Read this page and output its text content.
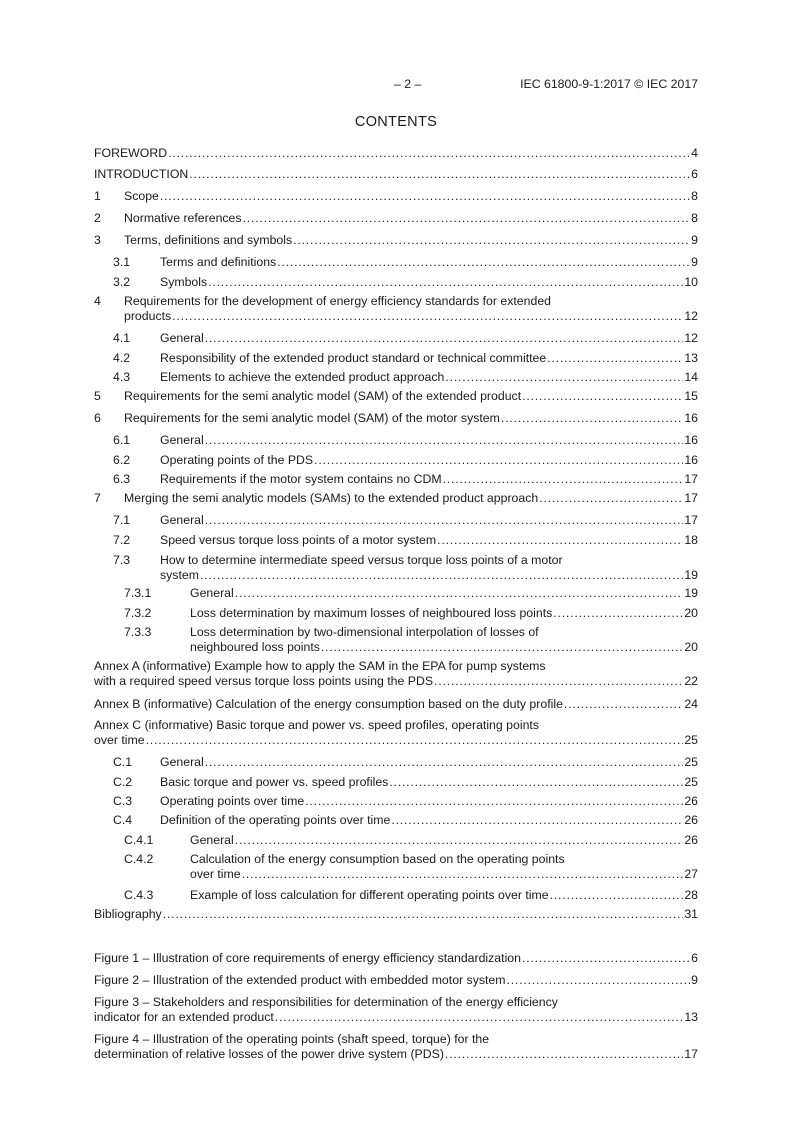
– 2 –	IEC 61800-9-1:2017 © IEC 2017
CONTENTS
FOREWORD .....	4
INTRODUCTION .....	6
1 Scope .....	8
2 Normative references .....	8
3 Terms, definitions and symbols .....	9
3.1 Terms and definitions .....	9
3.2 Symbols .....	10
4 Requirements for the development of energy efficiency standards for extended
products .....	12
4.1 General .....	12
4.2 Responsibility of the extended product standard or technical committee .....	13
4.3 Elements to achieve the extended product approach .....	14
5 Requirements for the semi analytic model (SAM) of the extended product .....	15
6 Requirements for the semi analytic model (SAM) of the motor system .....	16
6.1 General .....	16
6.2 Operating points of the PDS .....	16
6.3 Requirements if the motor system contains no CDM .....	17
7 Merging the semi analytic models (SAMs) to the extended product approach .....	17
7.1 General .....	17
7.2 Speed versus torque loss points of a motor system .....	18
7.3 How to determine intermediate speed versus torque loss points of a motor
system .....	19
7.3.1	General .....	19
7.3.2	Loss determination by maximum losses of neighboured loss points .....	20
7.3.3	Loss determination by two-dimensional interpolation of losses of
neighboured loss points .....	20
Annex A (informative) Example how to apply the SAM in the EPA for pump systems
with a required speed versus torque loss points using the PDS .....	22
Annex B (informative) Calculation of the energy consumption based on the duty profile .....	24
Annex C (informative) Basic torque and power vs. speed profiles, operating points
over time .....	25
C.1 General .....	25
C.2 Basic torque and power vs. speed profiles .....	25
C.3 Operating points over time .....	26
C.4 Definition of the operating points over time .....	26
C.4.1	General .....	26
C.4.2	Calculation of the energy consumption based on the operating points
over time .....	27
C.4.3	Example of loss calculation for different operating points over time .....	28
Bibliography .....	31
Figure 1 – Illustration of core requirements of energy efficiency standardization .....	6
Figure 2 – Illustration of the extended product with embedded motor system .....	9
Figure 3 – Stakeholders and responsibilities for determination of the energy efficiency
indicator for an extended product .....	13
Figure 4 – Illustration of the operating points (shaft speed, torque) for the
determination of relative losses of the power drive system (PDS) .....	17
